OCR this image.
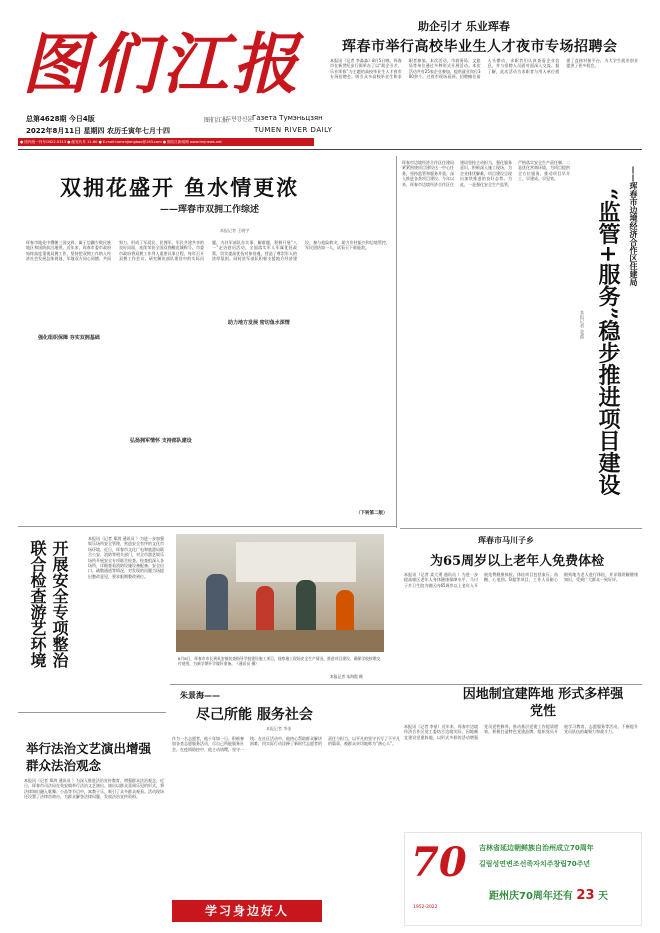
图们江报
总第4628期 今日4版
2022年8月11日 星期四 农历壬寅年七月十四
图们江报
두만강신문 Газета Тумэньцзян
TUMEN RIVER DAILY
● 国内统一刊号CN22-0313 ● 邮发代号 11-60 ● E-mail:tumenjiangbao@163.com ● 图们江新闻网 www.tmjnews.net
助企引才 乐业珲春
珲春市举行高校毕业生人才夜市专场招聘会
本报讯（记者 李淼淼）8月5日晚，珲春市在新世纪步行街举办了以“助企引才，乐业珲春”为主题的高校毕业生人才夜市专场招聘会。吸引众多高校毕业生和求职者参加。本次活动，市商务局、文旅局等单位通过多种形式开展活动。本次活动共有25家企业参加，提供就业岗位300余个。过夜市现场看到，招聘摊位前人头攒动，求职者们认真查看企业信息，并与招聘人员面对面深入交流。据了解，此次活动为求职者与用人单位搭建了直接对接平台，为大学生就业创业提供了更多机会。
双拥花盛开 鱼水情更浓
——珲春市双拥工作综述
本报记者 王晓宇
珲春市地处中俄朝三国交界，属于边疆少数民族地区和国防前沿地带。近年来，珲春市委市政府始终高度重视双拥工作，坚持把双拥工作纳入经济社会发展总体规划，军地双方同心同德，共同努力，形成了军爱民、民拥军、军民共建共享的良好局面，连续荣获全国双拥模范城称号。市委市政府将双拥工作列入重要议事日程，每年召开双拥工作会议，研究解决部队建设中的实际问题，为驻军部队办实事、解难题，积极开展“八一”走访慰问活动，全面落实军人军属优抚政策，切实提高优抚对象待遇，营造了尊崇军人的浓厚氛围。同时驻军部队积极支援地方经济建设，参与抢险救灾，助力乡村振兴和边境管控，军民团结如一人，试看天下谁能敌。
强化组织保障 夯实双拥基础
弘扬拥军情怀 支持部队建设
助力地方发展 密切鱼水深情
（下转第二版）
珲春市边境经济合作区住建局紧紧围绕项目建设这一中心任务，坚持监管和服务并重，深入推进各类项目建设。今年以来，珲春市边境经济合作区住建局坚持主动担当，强化服务意识，积极深入施工现场，为企业排忧解难，项目建设呈现出加快推进的良好态势。为此，一是强化安全生产监管，严格落实安全生产责任制；二是优化营商环境，为项目提供全方位服务，推动项目早开工、早建成、早见效。	——珲春市边境经济合作区住建局
“监管+服务”稳步推进项目建设
本报记者 张鑫
开展安全专项整治联合检查游艺环境
本报讯（记者 郑鸿 通讯员 ）为进一步加强娱乐场所安全管理，营造安全有序的文化市场环境，近日，珲春市文化广电和旅游局联合公安、消防等相关部门，对全市游艺娱乐场所开展安全专项联合检查。检查组深入各场所，详细查看消防设施设备配备、安全出口、疏散通道等情况，对发现的问题当场提出整改意见，要求限期整改到位。
8月8日，珲春市市长到英安镇检查指导学校建设施工项目，视察施工现场安全生产情况，推进项目建设，确保学校按期交付使用，为新学期开学做好准备。（通讯员 摄）
本报记者 朱海霞 摄
珲春市马川子乡
为65周岁以上老年人免费体检
本报讯（记者 姜大勇 通讯员 ）为进一步提高辖区老年人身体健康保障水平，马川子乡卫生院为辖区内65周岁以上老年人开展免费健康体检。体检项目包括血压、血糖、心电图、B超等项目，工作人员耐心细致地为老人进行体检，并详细讲解健康知识，受到广大群众一致好评。
朱景海——
尽己所能 服务社会
本报记者 李金
作为一名志愿者，他十年如一日，积极参加各类志愿服务活动，尽自己所能服务社会。在疫情防控中，他主动请缨，坚守一线；在社区活动中，他热心帮助群众解决困难，用实际行动诠释了新时代志愿者的责任与担当，以平凡的坚守书写了不平凡的篇章，被群众亲切地称为“热心人”。
学习身边好人
举行法治文艺演出增强群众法治观念
本报讯（记者 郑鸿 通讯员 ）为深入推进法治宣传教育，增强群众法治观念，近日，珲春市司法局在英安镇举行法治文艺演出。演出以群众喜闻乐见的形式，将法律知识融入歌舞、小品等节目中，寓教于乐，吸引了众多群众观看。活动现场还设置了法律咨询台，为群众解答法律问题，发放法治宣传资料。
因地制宜建阵地 形式多样强党性
本报讯（记者 李星）近年来，珲春市边境经济合作区党工委结合边境实际，因地制宜建设党建阵地，以形式多样的活动增强党员党性修养，推动基层党建工作提质增效。积极打造特色党建品牌，组织党员开展学习教育、志愿服务等活动，不断提升党员队伍的凝聚力和战斗力。
70
1952-2022
吉林省延边朝鲜族自治州成立70周年
길림성연변조선족자치주창립70주년
距州庆70周年还有 23 天
